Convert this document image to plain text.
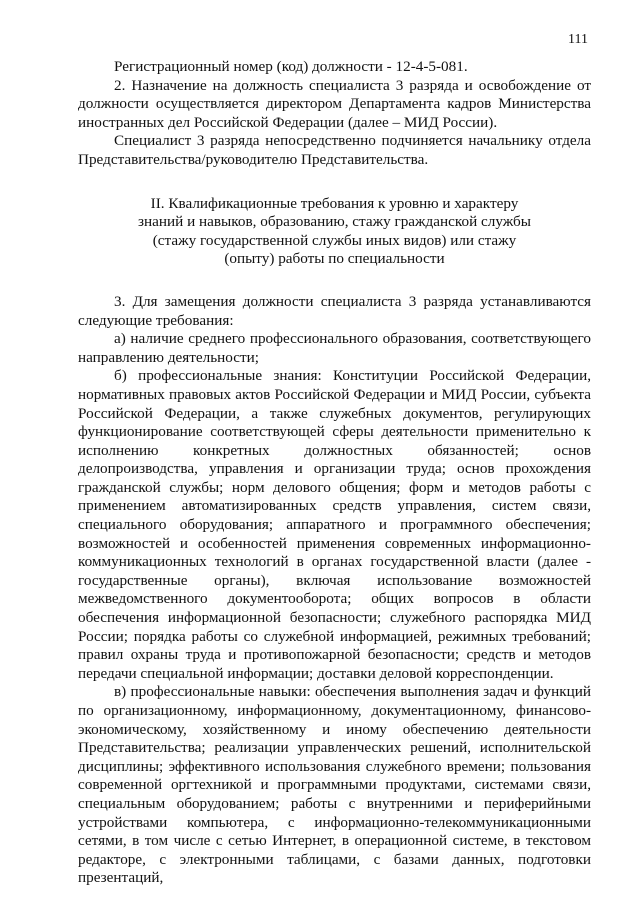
111

Регистрационный номер (код) должности - 12-4-5-081.

2. Назначение на должность специалиста 3 разряда и освобождение от должности осуществляется директором Департамента кадров Министерства иностранных дел Российской Федерации (далее – МИД России).

Специалист 3 разряда непосредственно подчиняется начальнику отдела Представительства/руководителю Представительства.

II. Квалификационные требования к уровню и характеру
знаний и навыков, образованию, стажу гражданской службы
(стажу государственной службы иных видов) или стажу
(опыту) работы по специальности

3. Для замещения должности специалиста 3 разряда устанавливаются следующие требования:

а) наличие среднего профессионального образования, соответствующего направлению деятельности;

б) профессиональные знания: Конституции Российской Федерации, нормативных правовых актов Российской Федерации и МИД России, субъекта Российской Федерации, а также служебных документов, регулирующих функционирование соответствующей сферы деятельности применительно к исполнению конкретных должностных обязанностей; основ делопроизводства, управления и организации труда; основ прохождения гражданской службы; норм делового общения; форм и методов работы с применением автоматизированных средств управления, систем связи, специального оборудования; аппаратного и программного обеспечения; возможностей и особенностей применения современных информационно-коммуникационных технологий в органах государственной власти (далее - государственные органы), включая использование возможностей межведомственного документооборота; общих вопросов в области обеспечения информационной безопасности; служебного распорядка МИД России; порядка работы со служебной информацией, режимных требований; правил охраны труда и противопожарной безопасности; средств и методов передачи специальной информации; доставки деловой корреспонденции.

в) профессиональные навыки: обеспечения выполнения задач и функций по организационному, информационному, документационному, финансово-экономическому, хозяйственному и иному обеспечению деятельности Представительства; реализации управленческих решений, исполнительской дисциплины; эффективного использования служебного времени; пользования современной оргтехникой и программными продуктами, системами связи, специальным оборудованием; работы с внутренними и периферийными устройствами компьютера, с информационно-телекоммуникационными сетями, в том числе с сетью Интернет, в операционной системе, в текстовом редакторе, с электронными таблицами, с базами данных, подготовки презентаций,
